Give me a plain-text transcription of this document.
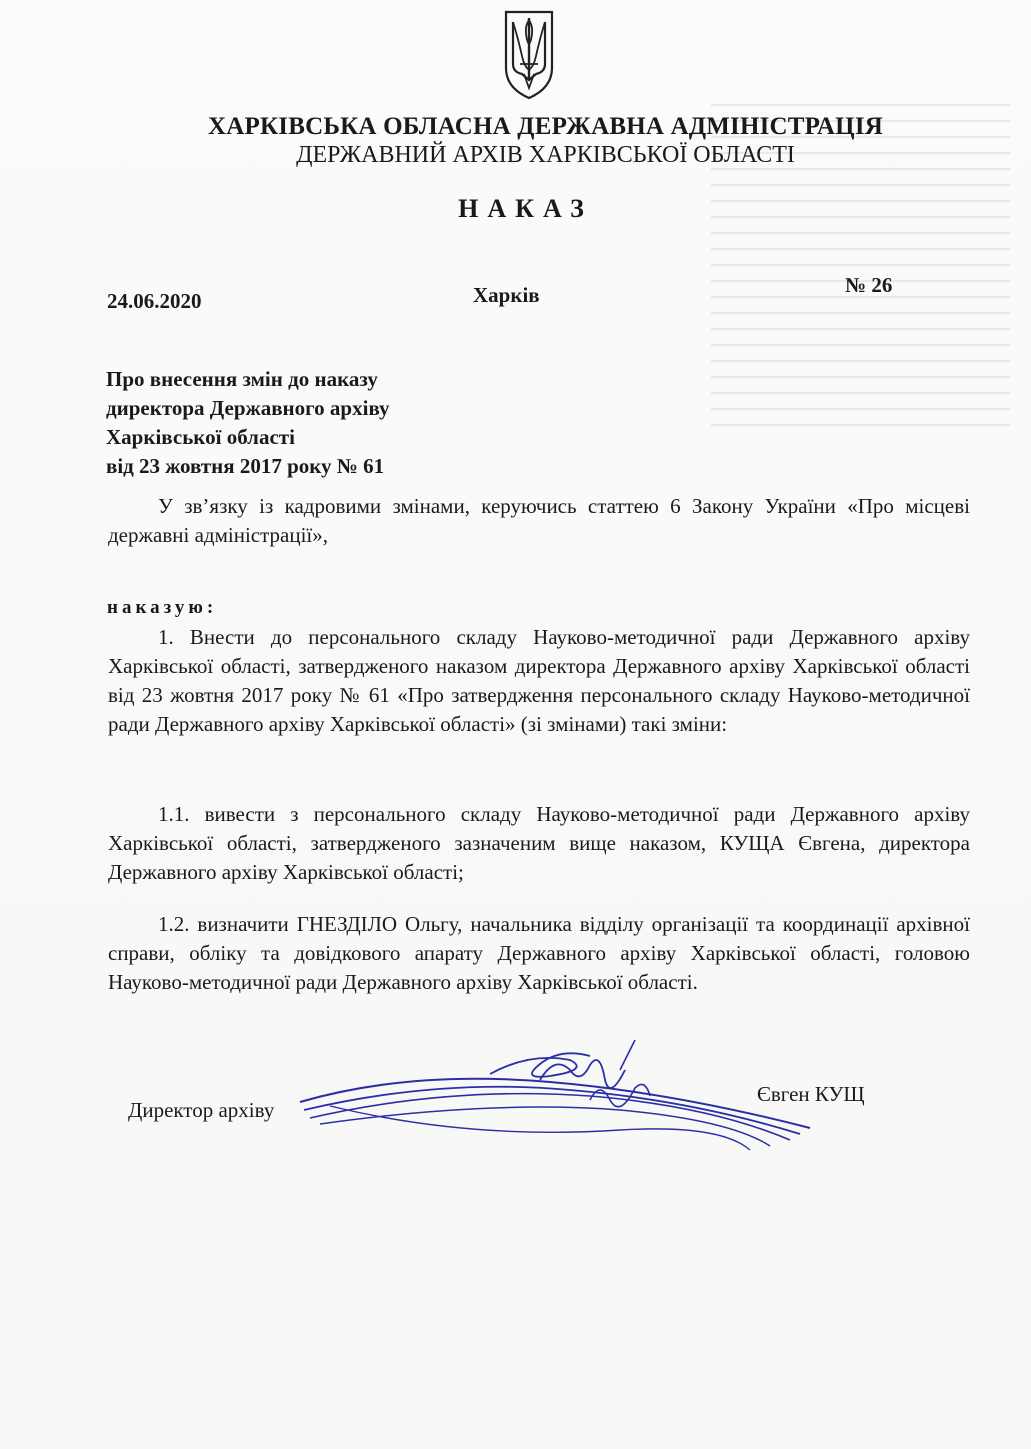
ХАРКІВСЬКА ОБЛАСНА ДЕРЖАВНА АДМІНІСТРАЦІЯ
ДЕРЖАВНИЙ АРХІВ ХАРКІВСЬКОЇ ОБЛАСТІ
НАКАЗ
24.06.2020	Харків	№ 26
Про внесення змін до наказу
директора Державного архіву
Харківської області
від 23 жовтня 2017 року № 61
У зв’язку із кадровими змінами, керуючись статтею 6 Закону України «Про місцеві державні адміністрації»,
наказую:
1. Внести до персонального складу Науково-методичної ради Державного архіву Харківської області, затвердженого наказом директора Державного архіву Харківської області від 23 жовтня 2017 року № 61 «Про затвердження персонального складу Науково-методичної ради Державного архіву Харківської області» (зі змінами) такі зміни:
1.1. вивести з персонального складу Науково-методичної ради Державного архіву Харківської області, затвердженого зазначеним вище наказом, КУЩА Євгена, директора Державного архіву Харківської області;
1.2. визначити ГНЕЗДІЛО Ольгу, начальника відділу організації та координації архівної справи, обліку та довідкового апарату Державного архіву Харківської області, головою Науково-методичної ради Державного архіву Харківської області.
Директор архіву
Євген КУЩ
